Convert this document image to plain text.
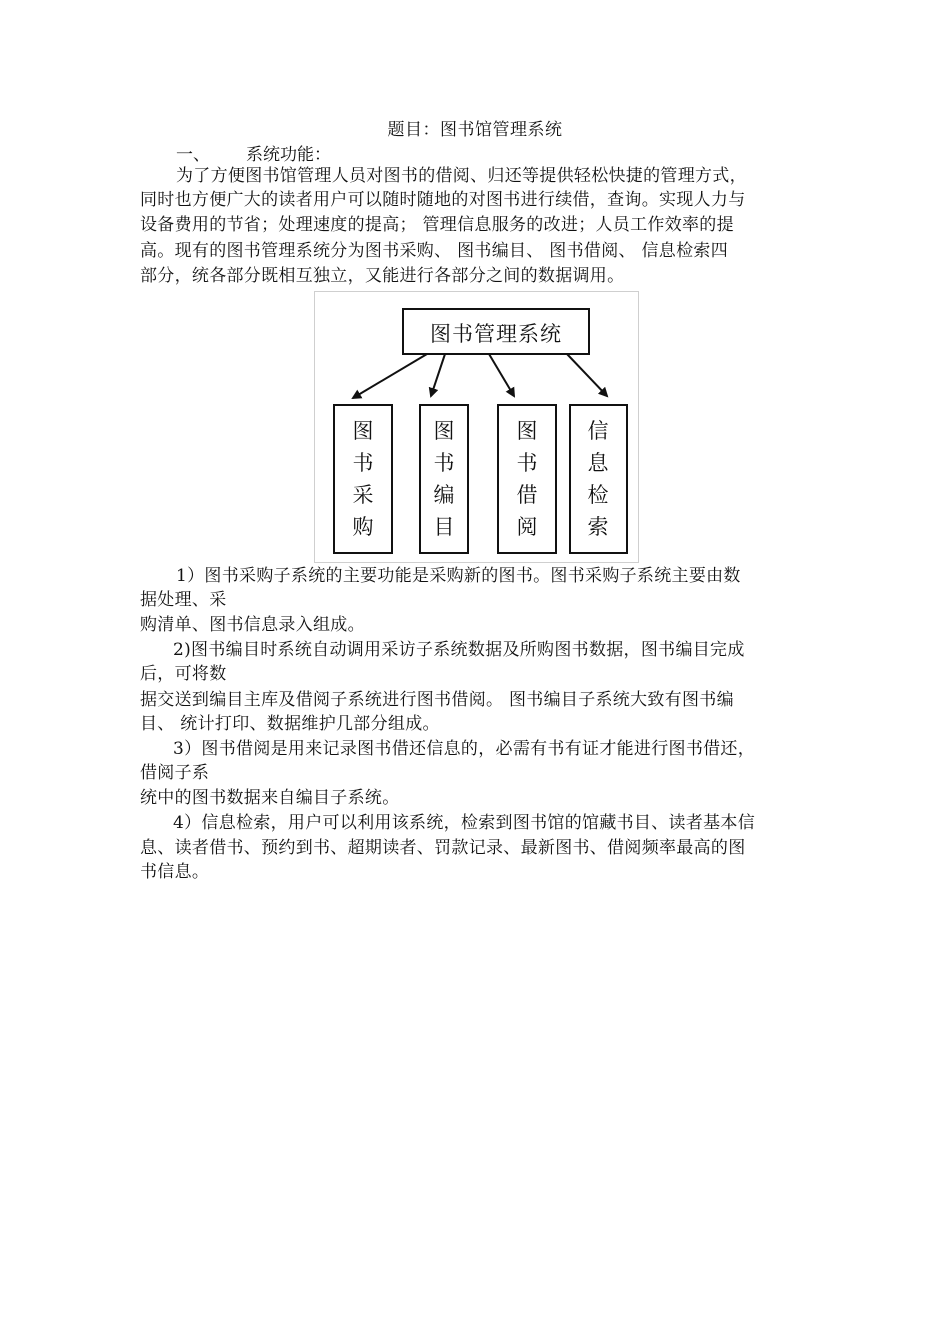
题目：图书馆管理系统
一、 系统功能：
为了方便图书馆管理人员对图书的借阅、归还等提供轻松快捷的管理方式，
同时也方便广大的读者用户可以随时随地的对图书进行续借，查询。实现人力与
设备费用的节省；处理速度的提高； 管理信息服务的改进；人员工作效率的提
高。现有的图书管理系统分为图书采购、 图书编目、 图书借阅、 信息检索四
部分，统各部分既相互独立，又能进行各部分之间的数据调用。
图书管理系统
图
书
采
购
图
书
编
目
图
书
借
阅
信
息
检
索
1）图书采购子系统的主要功能是采购新的图书。图书采购子系统主要由数
据处理、采
购清单、图书信息录入组成。
2)图书编目时系统自动调用采访子系统数据及所购图书数据，图书编目完成
后，可将数
据交送到编目主库及借阅子系统进行图书借阅。 图书编目子系统大致有图书编
目、 统计打印、数据维护几部分组成。
3）图书借阅是用来记录图书借还信息的，必需有书有证才能进行图书借还，
借阅子系
统中的图书数据来自编目子系统。
4）信息检索，用户可以利用该系统，检索到图书馆的馆藏书目、读者基本信
息、读者借书、预约到书、超期读者、罚款记录、最新图书、借阅频率最高的图
书信息。
